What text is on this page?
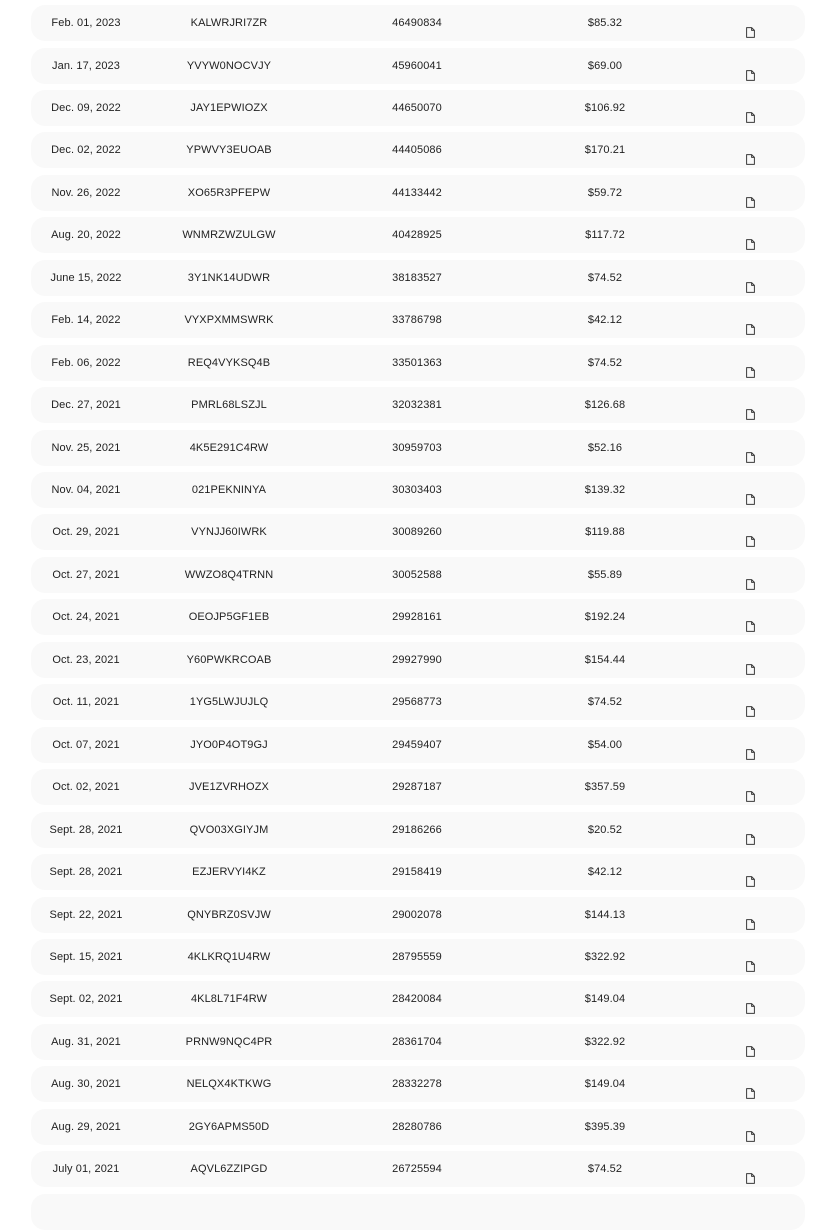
Feb. 01, 2023	KALWRJRI7ZR	46490834	$85.32
Jan. 17, 2023	YVYW0NOCVJY	45960041	$69.00
Dec. 09, 2022	JAY1EPWIOZX	44650070	$106.92
Dec. 02, 2022	YPWVY3EUOAB	44405086	$170.21
Nov. 26, 2022	XO65R3PFEPW	44133442	$59.72
Aug. 20, 2022	WNMRZWZULGW	40428925	$117.72
June 15, 2022	3Y1NK14UDWR	38183527	$74.52
Feb. 14, 2022	VYXPXMMSWRK	33786798	$42.12
Feb. 06, 2022	REQ4VYKSQ4B	33501363	$74.52
Dec. 27, 2021	PMRL68LSZJL	32032381	$126.68
Nov. 25, 2021	4K5E291C4RW	30959703	$52.16
Nov. 04, 2021	021PEKNINYA	30303403	$139.32
Oct. 29, 2021	VYNJJ60IWRK	30089260	$119.88
Oct. 27, 2021	WWZO8Q4TRNN	30052588	$55.89
Oct. 24, 2021	OEOJP5GF1EB	29928161	$192.24
Oct. 23, 2021	Y60PWKRCOAB	29927990	$154.44
Oct. 11, 2021	1YG5LWJUJLQ	29568773	$74.52
Oct. 07, 2021	JYO0P4OT9GJ	29459407	$54.00
Oct. 02, 2021	JVE1ZVRHOZX	29287187	$357.59
Sept. 28, 2021	QVO03XGIYJM	29186266	$20.52
Sept. 28, 2021	EZJERVYI4KZ	29158419	$42.12
Sept. 22, 2021	QNYBRZ0SVJW	29002078	$144.13
Sept. 15, 2021	4KLKRQ1U4RW	28795559	$322.92
Sept. 02, 2021	4KL8L71F4RW	28420084	$149.04
Aug. 31, 2021	PRNW9NQC4PR	28361704	$322.92
Aug. 30, 2021	NELQX4KTKWG	28332278	$149.04
Aug. 29, 2021	2GY6APMS50D	28280786	$395.39
July 01, 2021	AQVL6ZZIPGD	26725594	$74.52
